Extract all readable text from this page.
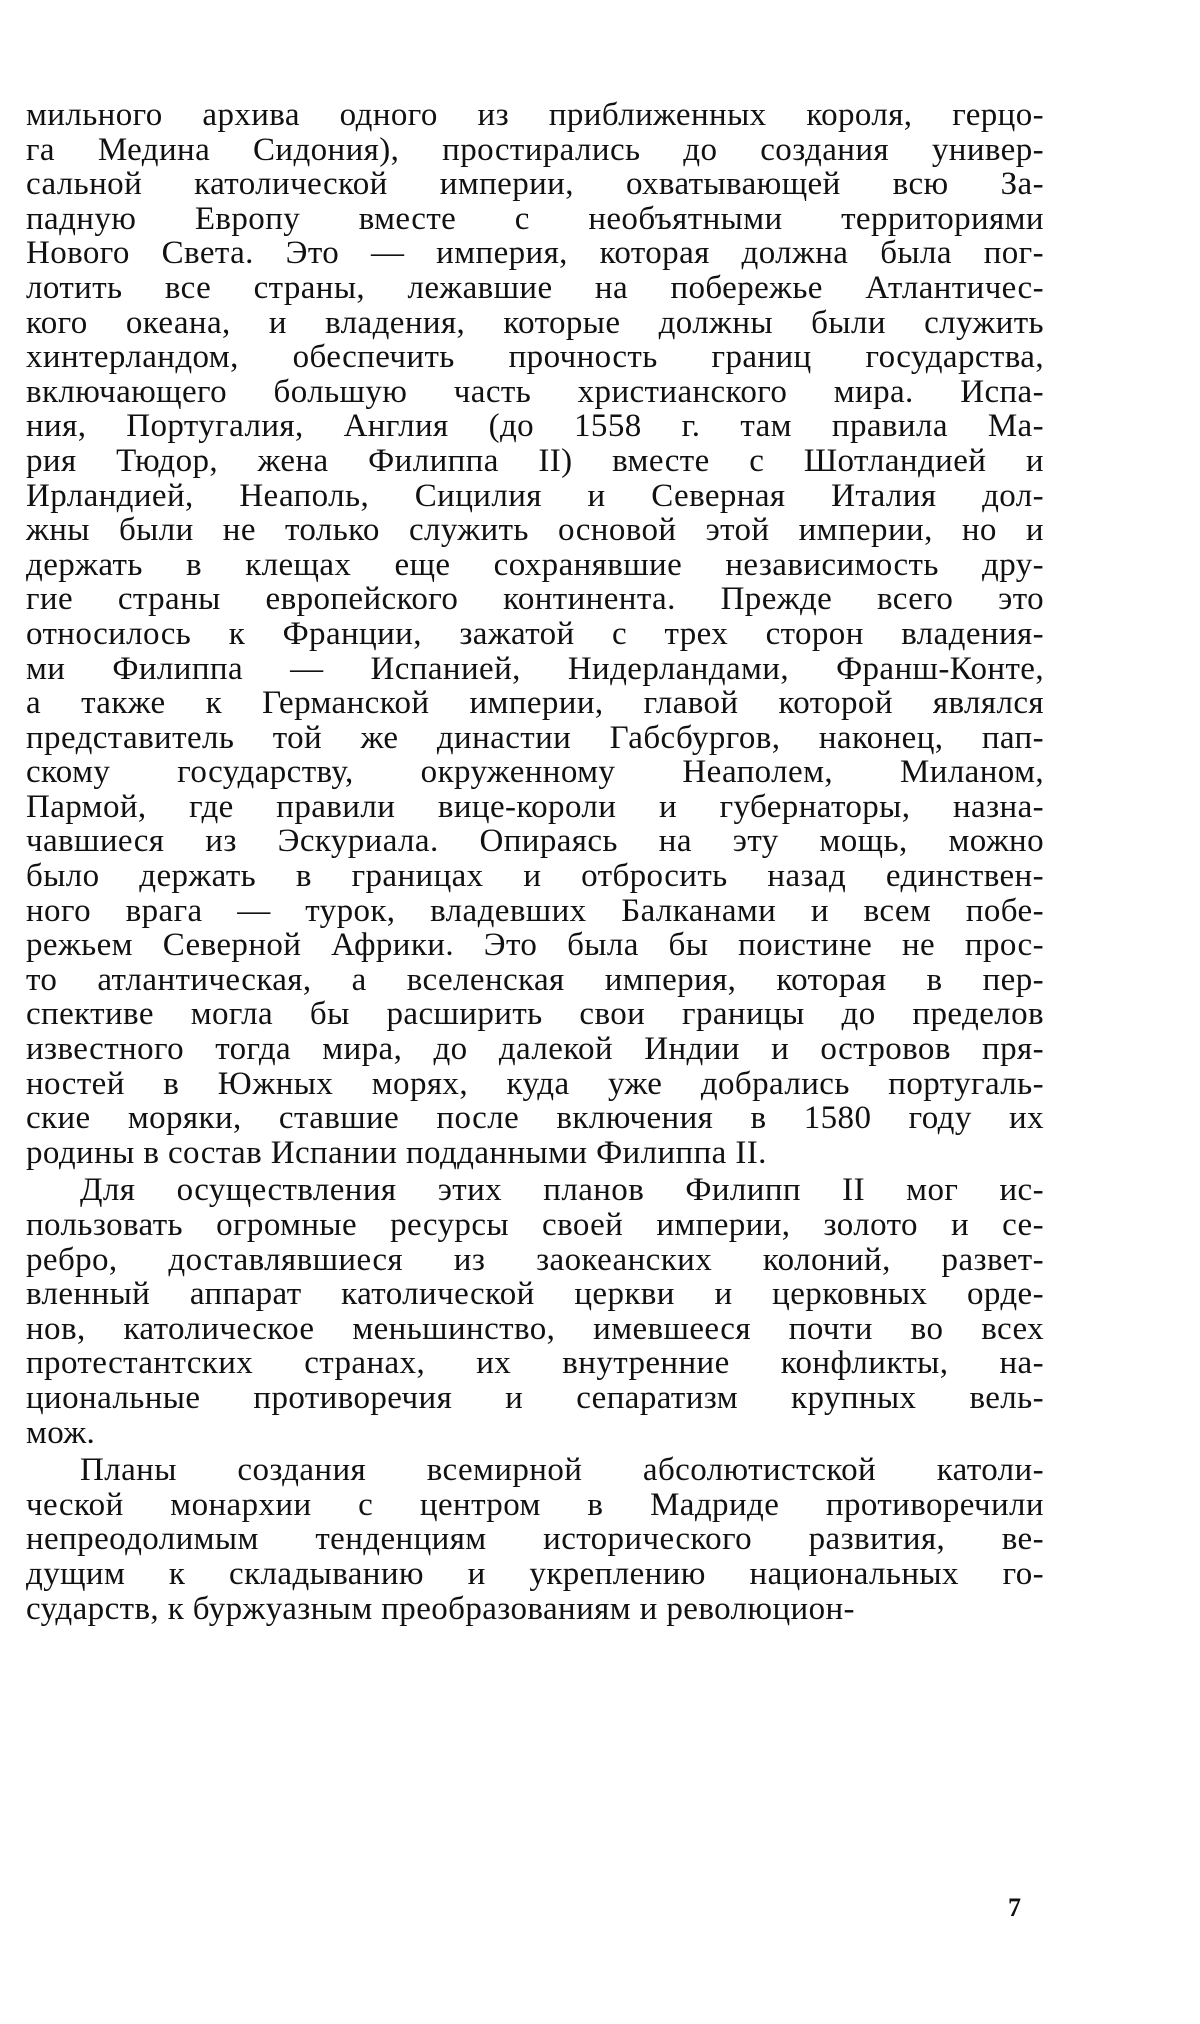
мильного архива одного из приближенных короля, герцо-
га Медина Сидония), простирались до создания универ-
сальной католической империи, охватывающей всю За-
падную Европу вместе с необъятными территориями
Нового Света. Это — империя, которая должна была пог-
лотить все страны, лежавшие на побережье Атлантичес-
кого океана, и владения, которые должны были служить
хинтерландом, обеспечить прочность границ государства,
включающего большую часть христианского мира. Испа-
ния, Португалия, Англия (до 1558 г. там правила Ма-
рия Тюдор, жена Филиппа II) вместе с Шотландией и
Ирландией, Неаполь, Сицилия и Северная Италия дол-
жны были не только служить основой этой империи, но и
держать в клещах еще сохранявшие независимость дру-
гие страны европейского континента. Прежде всего это
относилось к Франции, зажатой с трех сторон владения-
ми Филиппа — Испанией, Нидерландами, Франш-Конте,
а также к Германской империи, главой которой являлся
представитель той же династии Габсбургов, наконец, пап-
скому государству, окруженному Неаполем, Миланом,
Пармой, где правили вице-короли и губернаторы, назна-
чавшиеся из Эскуриала. Опираясь на эту мощь, можно
было держать в границах и отбросить назад единствен-
ного врага — турок, владевших Балканами и всем побе-
режьем Северной Африки. Это была бы поистине не прос-
то атлантическая, а вселенская империя, которая в пер-
спективе могла бы расширить свои границы до пределов
известного тогда мира, до далекой Индии и островов пря-
ностей в Южных морях, куда уже добрались португаль-
ские моряки, ставшие после включения в 1580 году их
родины в состав Испании подданными Филиппа II.
Для осуществления этих планов Филипп II мог ис-
пользовать огромные ресурсы своей империи, золото и се-
ребро, доставлявшиеся из заокеанских колоний, развет-
вленный аппарат католической церкви и церковных орде-
нов, католическое меньшинство, имевшееся почти во всех
протестантских странах, их внутренние конфликты, на-
циональные противоречия и сепаратизм крупных вель-
мож.
Планы создания всемирной абсолютистской католи-
ческой монархии с центром в Мадриде противоречили
непреодолимым тенденциям исторического развития, ве-
дущим к складыванию и укреплению национальных го-
сударств, к буржуазным преобразованиям и революцион-
7
